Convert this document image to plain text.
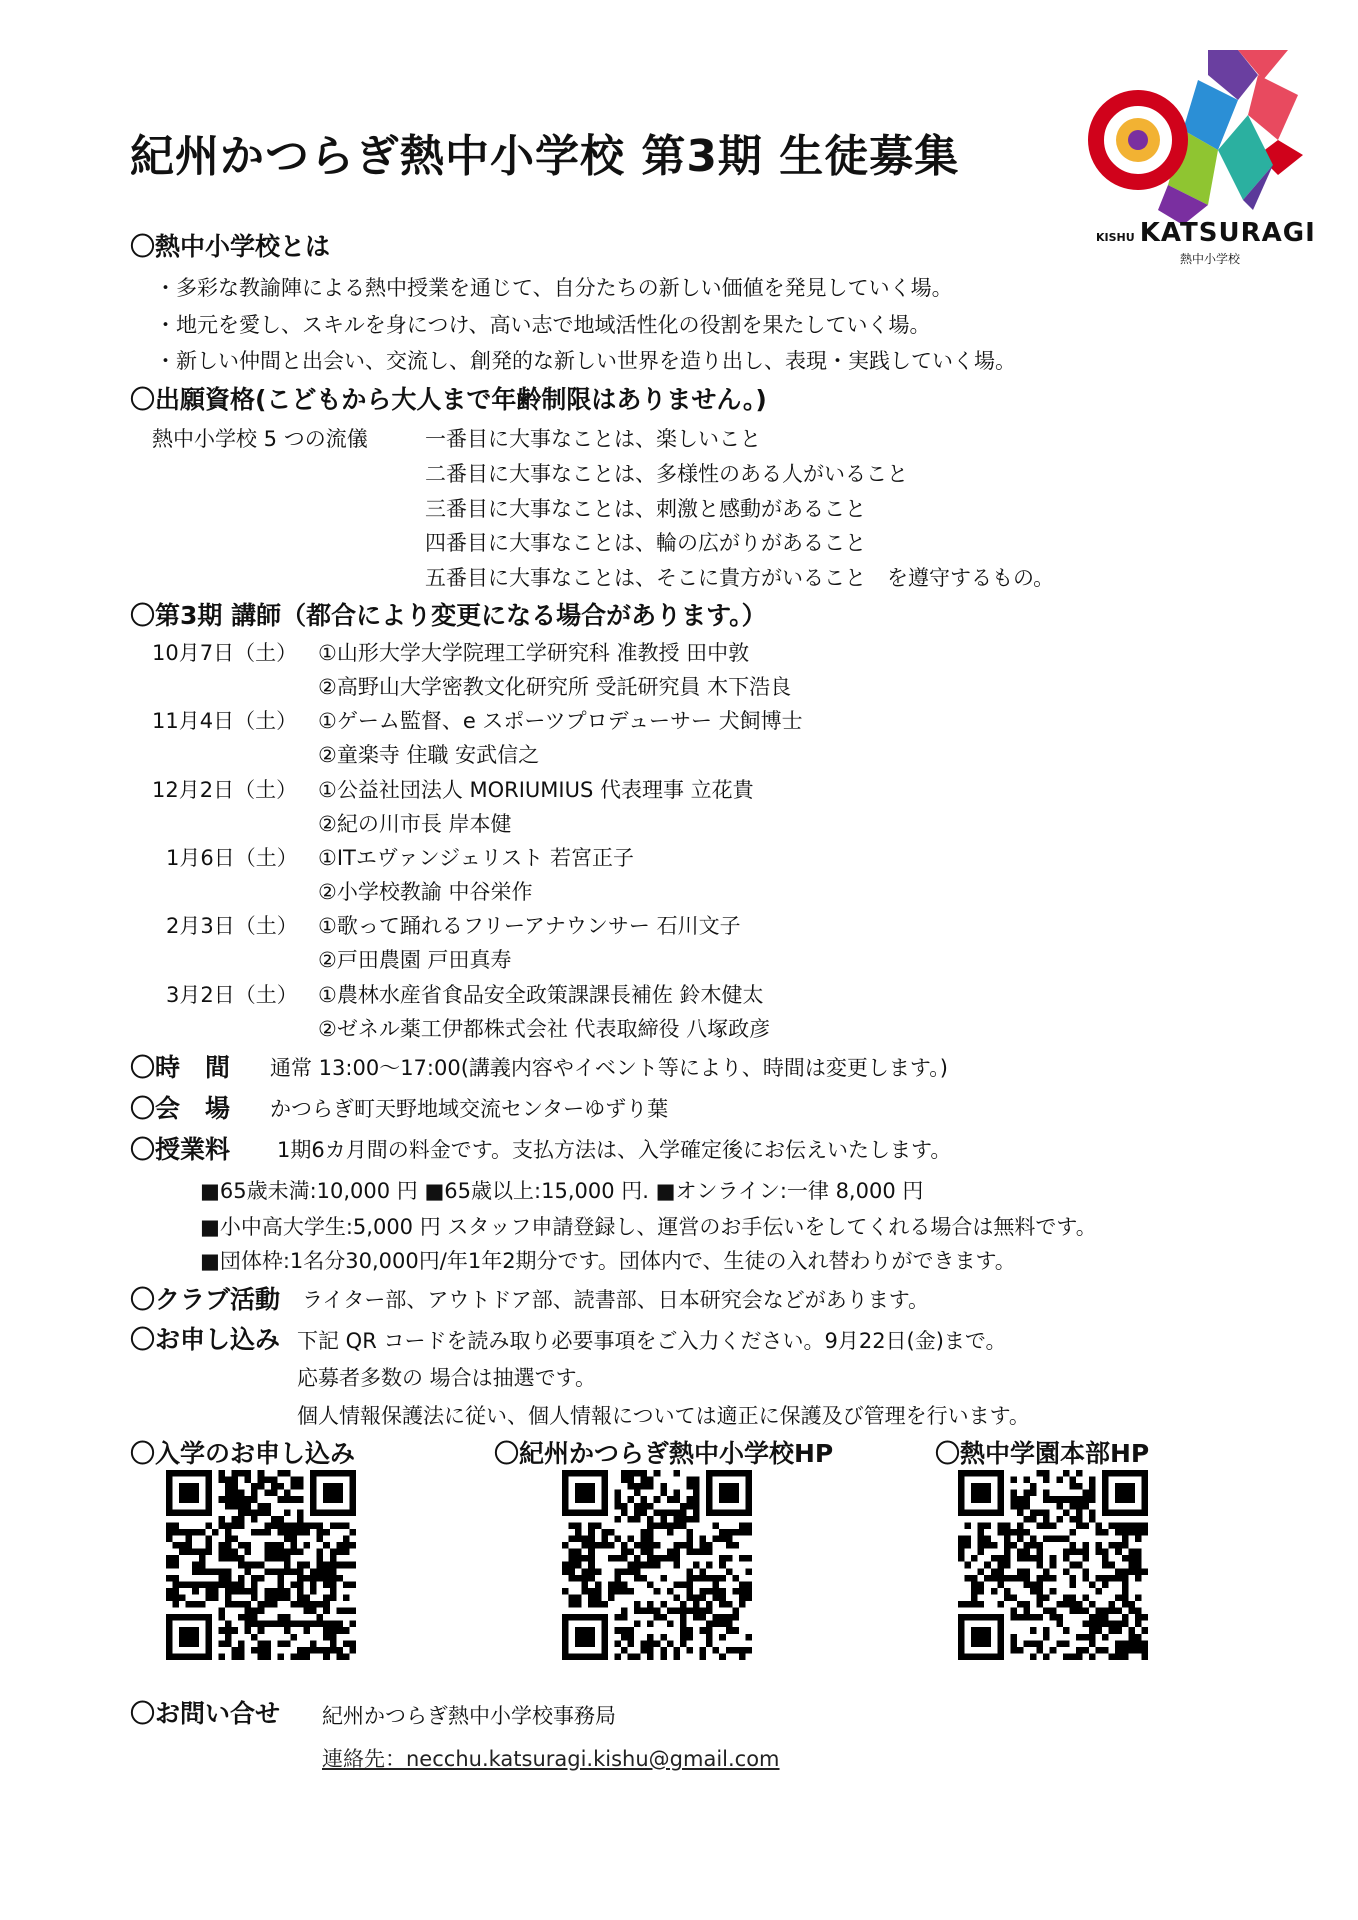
紀州かつらぎ熱中小学校 第3期 生徒募集
KISHU KATSURAGI
熱中小学校
〇熱中小学校とは
・多彩な教諭陣による熱中授業を通じて、自分たちの新しい価値を発見していく場。
・地元を愛し、スキルを身につけ、高い志で地域活性化の役割を果たしていく場。
・新しい仲間と出会い、交流し、創発的な新しい世界を造り出し、表現・実践していく場。
〇出願資格(こどもから大人まで年齢制限はありません。)
熱中小学校 5 つの流儀	一番目に大事なことは、楽しいこと
二番目に大事なことは、多様性のある人がいること
三番目に大事なことは、刺激と感動があること
四番目に大事なことは、輪の広がりがあること
五番目に大事なことは、そこに貴方がいること　を遵守するもの。
〇第3期 講師（都合により変更になる場合があります。）
10月7日（土） ①山形大学大学院理工学研究科 准教授 田中敦
②高野山大学密教文化研究所 受託研究員 木下浩良
11月4日（土） ①ゲーム監督、e スポーツプロデューサー 犬飼博士
②童楽寺 住職 安武信之
12月2日（土） ①公益社団法人 MORIUMIUS 代表理事 立花貴
②紀の川市長 岸本健
1月6日（土） ①ITエヴァンジェリスト 若宮正子
②小学校教諭 中谷栄作
2月3日（土） ①歌って踊れるフリーアナウンサー 石川文子
②戸田農園 戸田真寿
3月2日（土） ①農林水産省食品安全政策課課長補佐 鈴木健太
②ゼネル薬工伊都株式会社 代表取締役 八塚政彦
〇時　間 通常 13:00〜17:00(講義内容やイベント等により、時間は変更します。)
〇会　場 かつらぎ町天野地域交流センターゆずり葉
〇授業料 1期6カ月間の料金です。支払方法は、入学確定後にお伝えいたします。
■65歳未満:10,000 円 ■65歳以上:15,000 円. ■オンライン:一律 8,000 円
■小中高大学生:5,000 円 スタッフ申請登録し、運営のお手伝いをしてくれる場合は無料です。
■団体枠:1名分30,000円/年1年2期分です。団体内で、生徒の入れ替わりができます。
〇クラブ活動 ライター部、アウトドア部、読書部、日本研究会などがあります。
〇お申し込み 下記 QR コードを読み取り必要事項をご入力ください。9月22日(金)まで。
応募者多数の 場合は抽選です。
個人情報保護法に従い、個人情報については適正に保護及び管理を行います。
〇入学のお申し込み	〇紀州かつらぎ熱中小学校HP	〇熱中学園本部HP
〇お問い合せ 紀州かつらぎ熱中小学校事務局
連絡先：necchu.katsuragi.kishu@gmail.com
